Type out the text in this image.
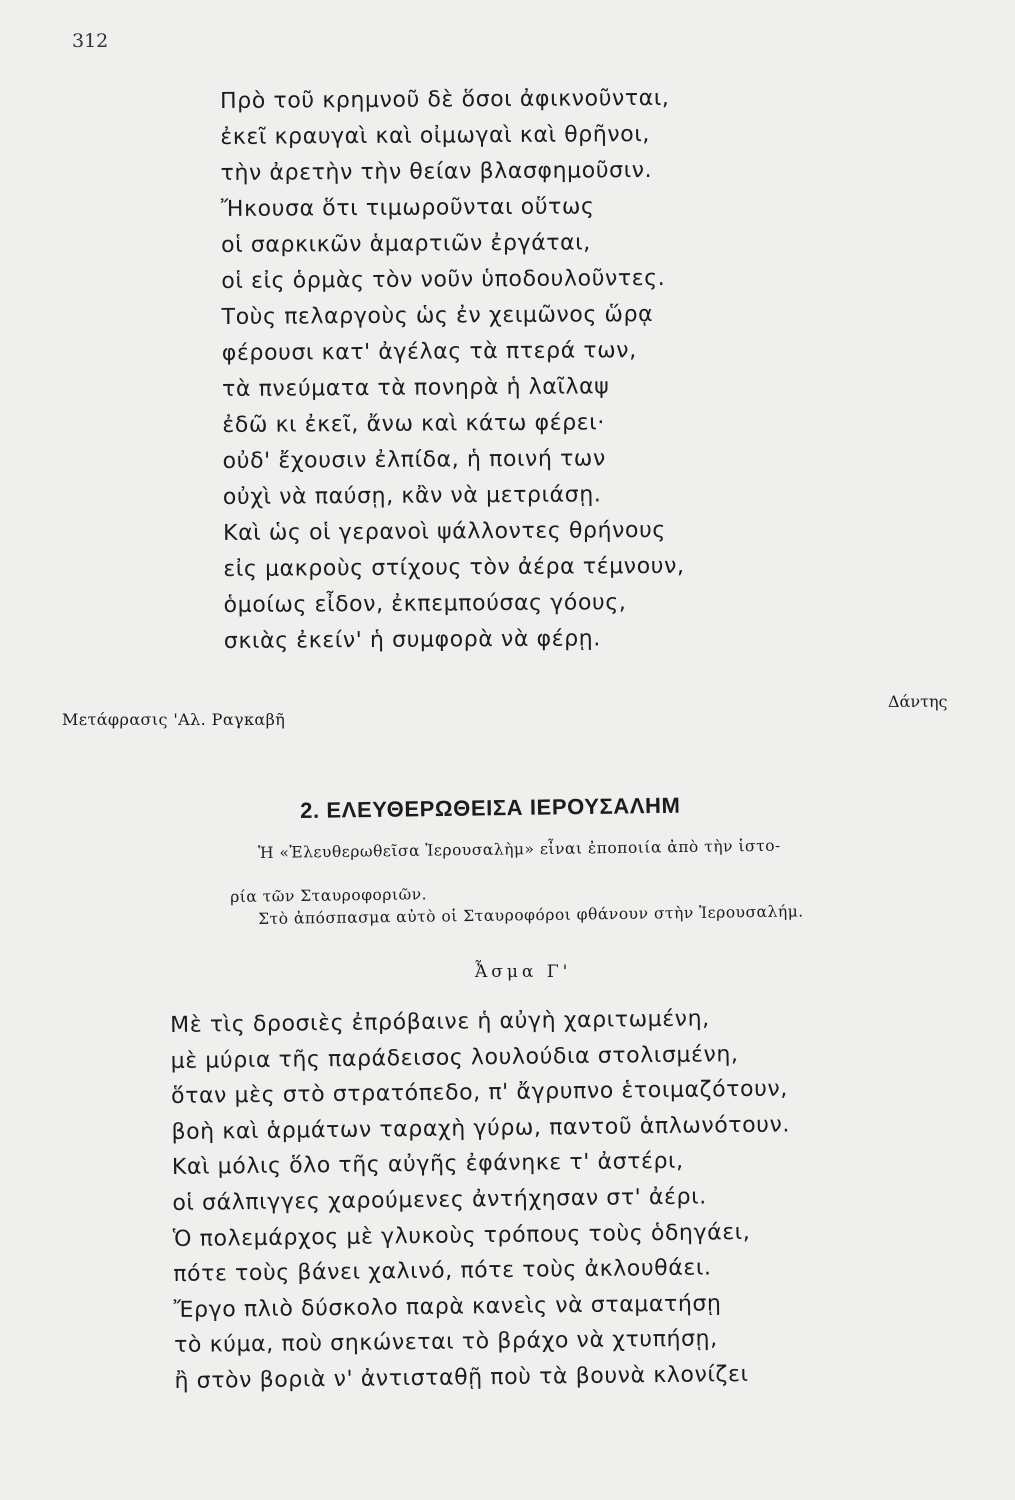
312
Πρὸ τοῦ κρημνοῦ δὲ ὅσοι ἀφικνοῦνται,
ἐκεῖ κραυγαὶ καὶ οἰμωγαὶ καὶ θρῆνοι,
τὴν ἀρετὴν τὴν θείαν βλασφημοῦσιν.
Ἤκουσα ὅτι τιμωροῦνται οὕτως
οἱ σαρκικῶν ἁμαρτιῶν ἐργάται,
οἱ εἰς ὁρμὰς τὸν νοῦν ὑποδουλοῦντες.
Τοὺς πελαργοὺς ὡς ἐν χειμῶνος ὥρᾳ
φέρουσι κατ' ἀγέλας τὰ πτερά των,
τὰ πνεύματα τὰ πονηρὰ ἡ λαῖλαψ
ἐδῶ κι ἐκεῖ, ἄνω καὶ κάτω φέρει·
οὐδ' ἔχουσιν ἐλπίδα, ἡ ποινή των
οὐχὶ νὰ παύσῃ, κἂν νὰ μετριάσῃ.
Καὶ ὡς οἱ γερανοὶ ψάλλοντες θρήνους
εἰς μακροὺς στίχους τὸν ἀέρα τέμνουν,
ὁμοίως εἶδον, ἐκπεμπούσας γόους,
σκιὰς ἐκείν' ἡ συμφορὰ νὰ φέρῃ.
Μετάφρασις 'Αλ. Ραγκαβῆ
Δάντης
2. ΕΛΕΥΘΕΡΩΘΕΙΣΑ ΙΕΡΟΥΣΑΛΗΜ
Ἡ «Ἐλευθερωθεῖσα Ἱερουσαλὴμ» εἶναι ἐποποιία ἀπὸ τὴν ἱστο-
ρία τῶν Σταυροφοριῶν.
Στὸ ἀπόσπασμα αὐτὸ οἱ Σταυροφόροι φθάνουν στὴν Ἱερουσαλήμ.
Ἆσμα Γ'
Μὲ τὶς δροσιὲς ἐπρόβαινε ἡ αὐγὴ χαριτωμένη,
μὲ μύρια τῆς παράδεισος λουλούδια στολισμένη,
ὅταν μὲς στὸ στρατόπεδο, π' ἄγρυπνο ἑτοιμαζότουν,
βοὴ καὶ ἁρμάτων ταραχὴ γύρω, παντοῦ ἁπλωνότουν.
Καὶ μόλις ὅλο τῆς αὐγῆς ἐφάνηκε τ' ἀστέρι,
οἱ σάλπιγγες χαρούμενες ἀντήχησαν στ' ἀέρι.
Ὁ πολεμάρχος μὲ γλυκοὺς τρόπους τοὺς ὁδηγάει,
πότε τοὺς βάνει χαλινό, πότε τοὺς ἀκλουθάει.
Ἔργο πλιὸ δύσκολο παρὰ κανεὶς νὰ σταματήσῃ
τὸ κύμα, ποὺ σηκώνεται τὸ βράχο νὰ χτυπήσῃ,
ἢ στὸν βοριὰ ν' ἀντισταθῇ ποὺ τὰ βουνὰ κλονίζει
